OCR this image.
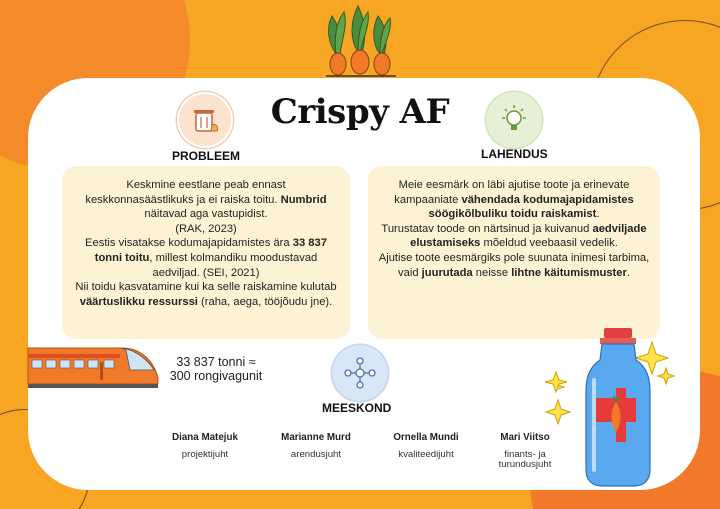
Crispy AF
PROBLEEM	LAHENDUS

Keskmine eestlane peab ennast keskkonnasäästlikuks ja ei raiska toitu. Numbrid näitavad aga vastupidist.

(RAK, 2023)

Eestis visatakse kodumajapidamistes ära 33 837 tonni toitu, millest kolmandiku moodustavad aedviljad. (SEI, 2021)

Nii toidu kasvatamine kui ka selle raiskamine kulutab väärtuslikku ressurssi (raha, aega, tööjõudu jne).

Meie eesmärk on läbi ajutise toote ja erinevate kampaaniate vähendada kodumajapidamistes söögikõlbuliku toidu raiskamist.

Turustatav toode on närtsinud ja kuivanud aedviljade elustamiseks mõeldud veebaasil vedelik.

Ajutise toote eesmärgiks pole suunata inimesi tarbima, vaid juurutada neisse lihtne käitumismuster.

33 837 tonni ≈
300 rongivagunit
MEESKOND
Diana Matejuk
projektijuht
Marianne Murd
arendusjuht
Ornella Mundi
kvaliteedijuht
Mari Viitso
finants- ja turundusjuht
